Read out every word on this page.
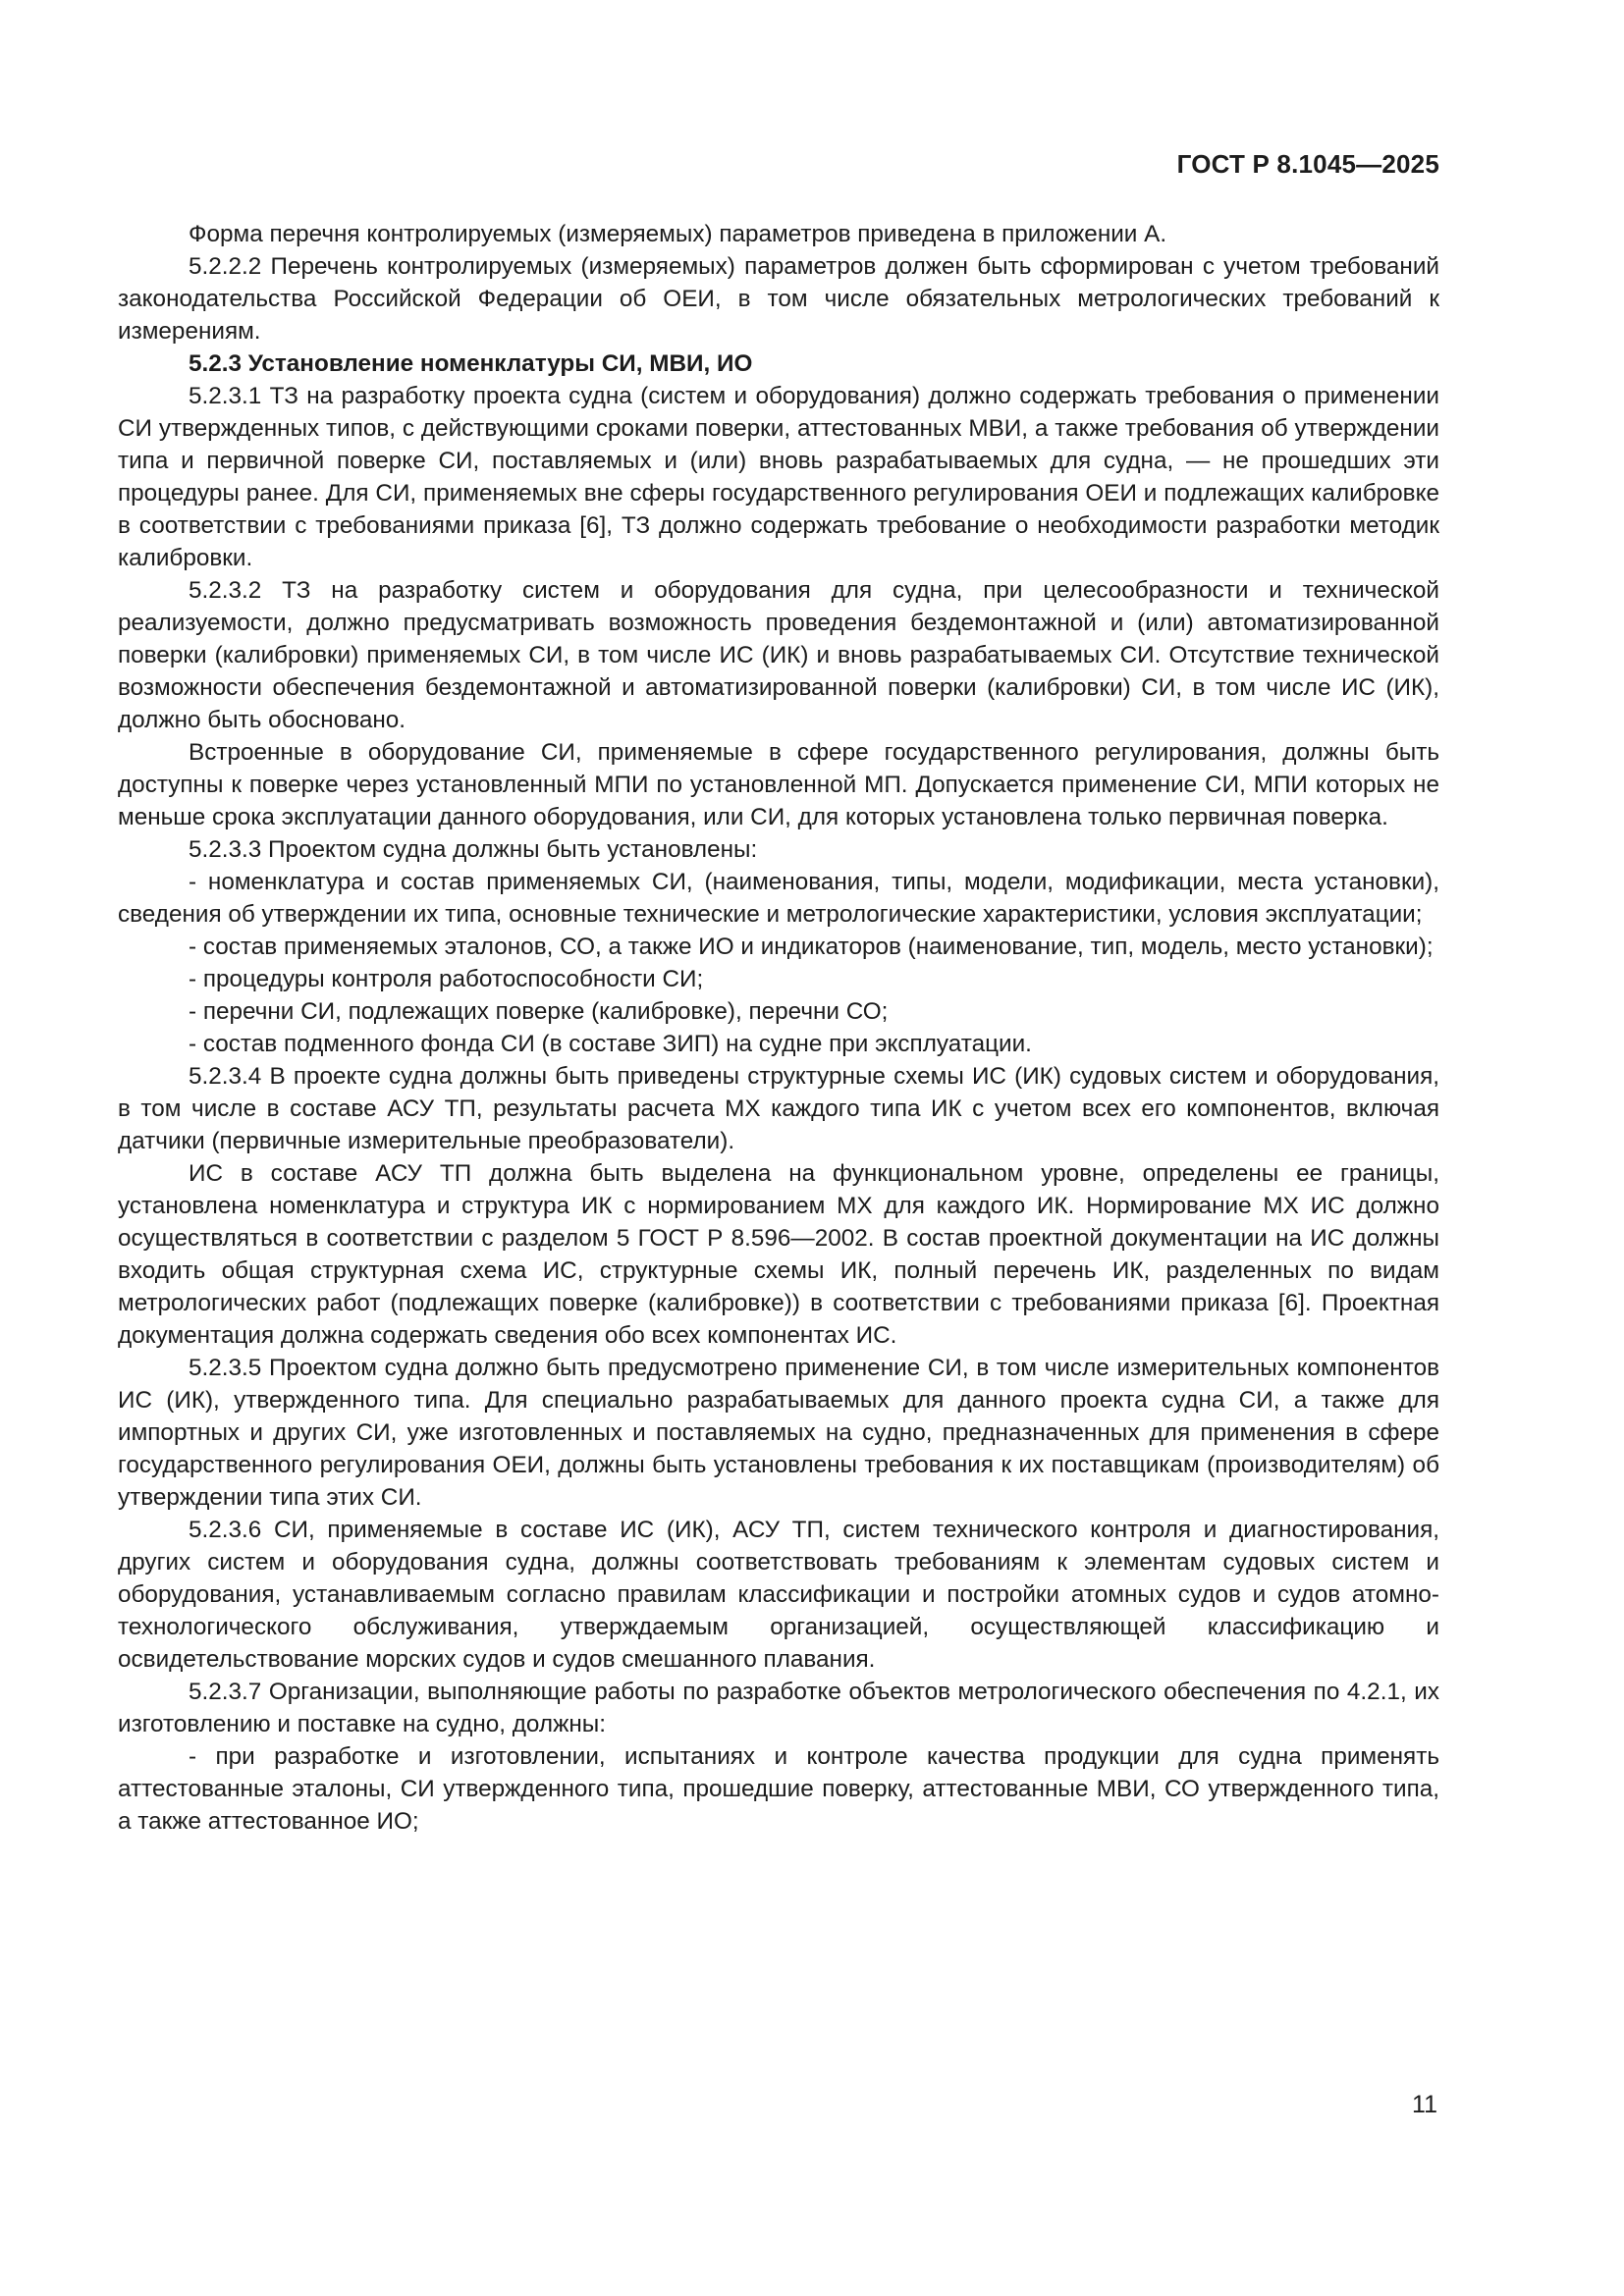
ГОСТ Р 8.1045—2025

Форма перечня контролируемых (измеряемых) параметров приведена в приложении А.

5.2.2.2 Перечень контролируемых (измеряемых) параметров должен быть сформирован с учетом требований законодательства Российской Федерации об ОЕИ, в том числе обязательных метрологических требований к измерениям.

5.2.3 Установление номенклатуры СИ, МВИ, ИО

5.2.3.1 ТЗ на разработку проекта судна (систем и оборудования) должно содержать требования о применении СИ утвержденных типов, с действующими сроками поверки, аттестованных МВИ, а также требования об утверждении типа и первичной поверке СИ, поставляемых и (или) вновь разрабатываемых для судна, — не прошедших эти процедуры ранее. Для СИ, применяемых вне сферы государственного регулирования ОЕИ и подлежащих калибровке в соответствии с требованиями приказа [6], ТЗ должно содержать требование о необходимости разработки методик калибровки.

5.2.3.2 ТЗ на разработку систем и оборудования для судна, при целесообразности и технической реализуемости, должно предусматривать возможность проведения бездемонтажной и (или) автоматизированной поверки (калибровки) применяемых СИ, в том числе ИС (ИК) и вновь разрабатываемых СИ. Отсутствие технической возможности обеспечения бездемонтажной и автоматизированной поверки (калибровки) СИ, в том числе ИС (ИК), должно быть обосновано.

Встроенные в оборудование СИ, применяемые в сфере государственного регулирования, должны быть доступны к поверке через установленный МПИ по установленной МП. Допускается применение СИ, МПИ которых не меньше срока эксплуатации данного оборудования, или СИ, для которых установлена только первичная поверка.

5.2.3.3 Проектом судна должны быть установлены:

- номенклатура и состав применяемых СИ, (наименования, типы, модели, модификации, места установки), сведения об утверждении их типа, основные технические и метрологические характеристики, условия эксплуатации;

- состав применяемых эталонов, СО, а также ИО и индикаторов (наименование, тип, модель, место установки);

- процедуры контроля работоспособности СИ;

- перечни СИ, подлежащих поверке (калибровке), перечни СО;

- состав подменного фонда СИ (в составе ЗИП) на судне при эксплуатации.

5.2.3.4 В проекте судна должны быть приведены структурные схемы ИС (ИК) судовых систем и оборудования, в том числе в составе АСУ ТП, результаты расчета МХ каждого типа ИК с учетом всех его компонентов, включая датчики (первичные измерительные преобразователи).

ИС в составе АСУ ТП должна быть выделена на функциональном уровне, определены ее границы, установлена номенклатура и структура ИК с нормированием МХ для каждого ИК. Нормирование МХ ИС должно осуществляться в соответствии с разделом 5 ГОСТ Р 8.596—2002. В состав проектной документации на ИС должны входить общая структурная схема ИС, структурные схемы ИК, полный перечень ИК, разделенных по видам метрологических работ (подлежащих поверке (калибровке)) в соответствии с требованиями приказа [6]. Проектная документация должна содержать сведения обо всех компонентах ИС.

5.2.3.5 Проектом судна должно быть предусмотрено применение СИ, в том числе измерительных компонентов ИС (ИК), утвержденного типа. Для специально разрабатываемых для данного проекта судна СИ, а также для импортных и других СИ, уже изготовленных и поставляемых на судно, предназначенных для применения в сфере государственного регулирования ОЕИ, должны быть установлены требования к их поставщикам (производителям) об утверждении типа этих СИ.

5.2.3.6 СИ, применяемые в составе ИС (ИК), АСУ ТП, систем технического контроля и диагностирования, других систем и оборудования судна, должны соответствовать требованиям к элементам судовых систем и оборудования, устанавливаемым согласно правилам классификации и постройки атомных судов и судов атомно-технологического обслуживания, утверждаемым организацией, осуществляющей классификацию и освидетельствование морских судов и судов смешанного плавания.

5.2.3.7 Организации, выполняющие работы по разработке объектов метрологического обеспечения по 4.2.1, их изготовлению и поставке на судно, должны:

- при разработке и изготовлении, испытаниях и контроле качества продукции для судна применять аттестованные эталоны, СИ утвержденного типа, прошедшие поверку, аттестованные МВИ, СО утвержденного типа, а также аттестованное ИО;

11
